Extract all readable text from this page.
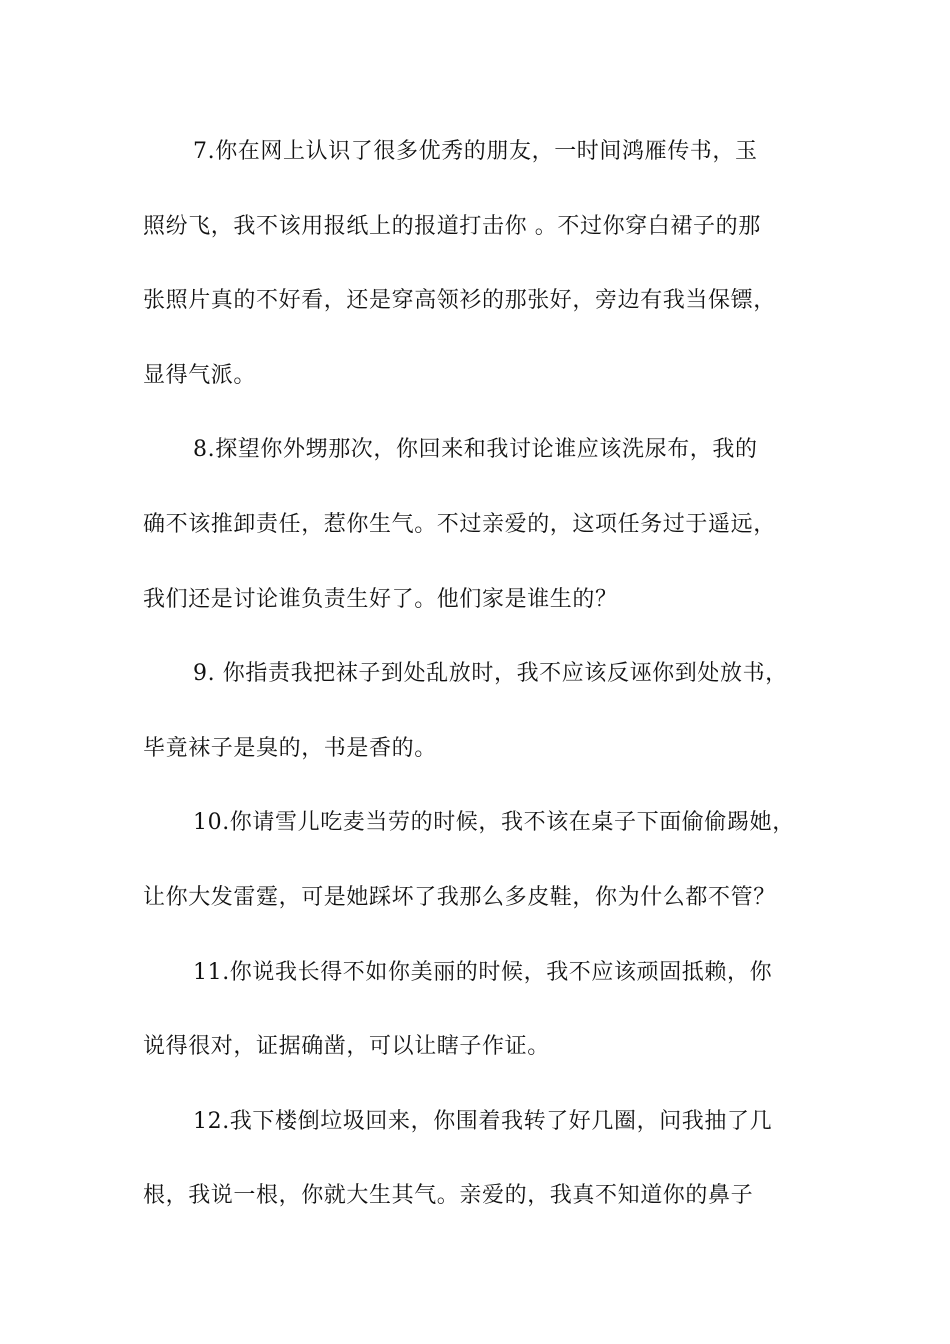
7.你在网上认识了很多优秀的朋友，一时间鸿雁传书，玉
照纷飞，我不该用报纸上的报道打击你 。不过你穿白裙子的那
张照片真的不好看，还是穿高领衫的那张好，旁边有我当保镖，
显得气派。
8.探望你外甥那次，你回来和我讨论谁应该洗尿布，我的
确不该推卸责任，惹你生气。不过亲爱的，这项任务过于遥远，
我们还是讨论谁负责生好了。他们家是谁生的？
9. 你指责我把袜子到处乱放时，我不应该反诬你到处放书，
毕竟袜子是臭的，书是香的。
10.你请雪儿吃麦当劳的时候，我不该在桌子下面偷偷踢她，
让你大发雷霆，可是她踩坏了我那么多皮鞋，你为什么都不管？
11.你说我长得不如你美丽的时候，我不应该顽固抵赖，你
说得很对，证据确凿，可以让瞎子作证。
12.我下楼倒垃圾回来，你围着我转了好几圈，问我抽了几
根，我说一根，你就大生其气。亲爱的，我真不知道你的鼻子
